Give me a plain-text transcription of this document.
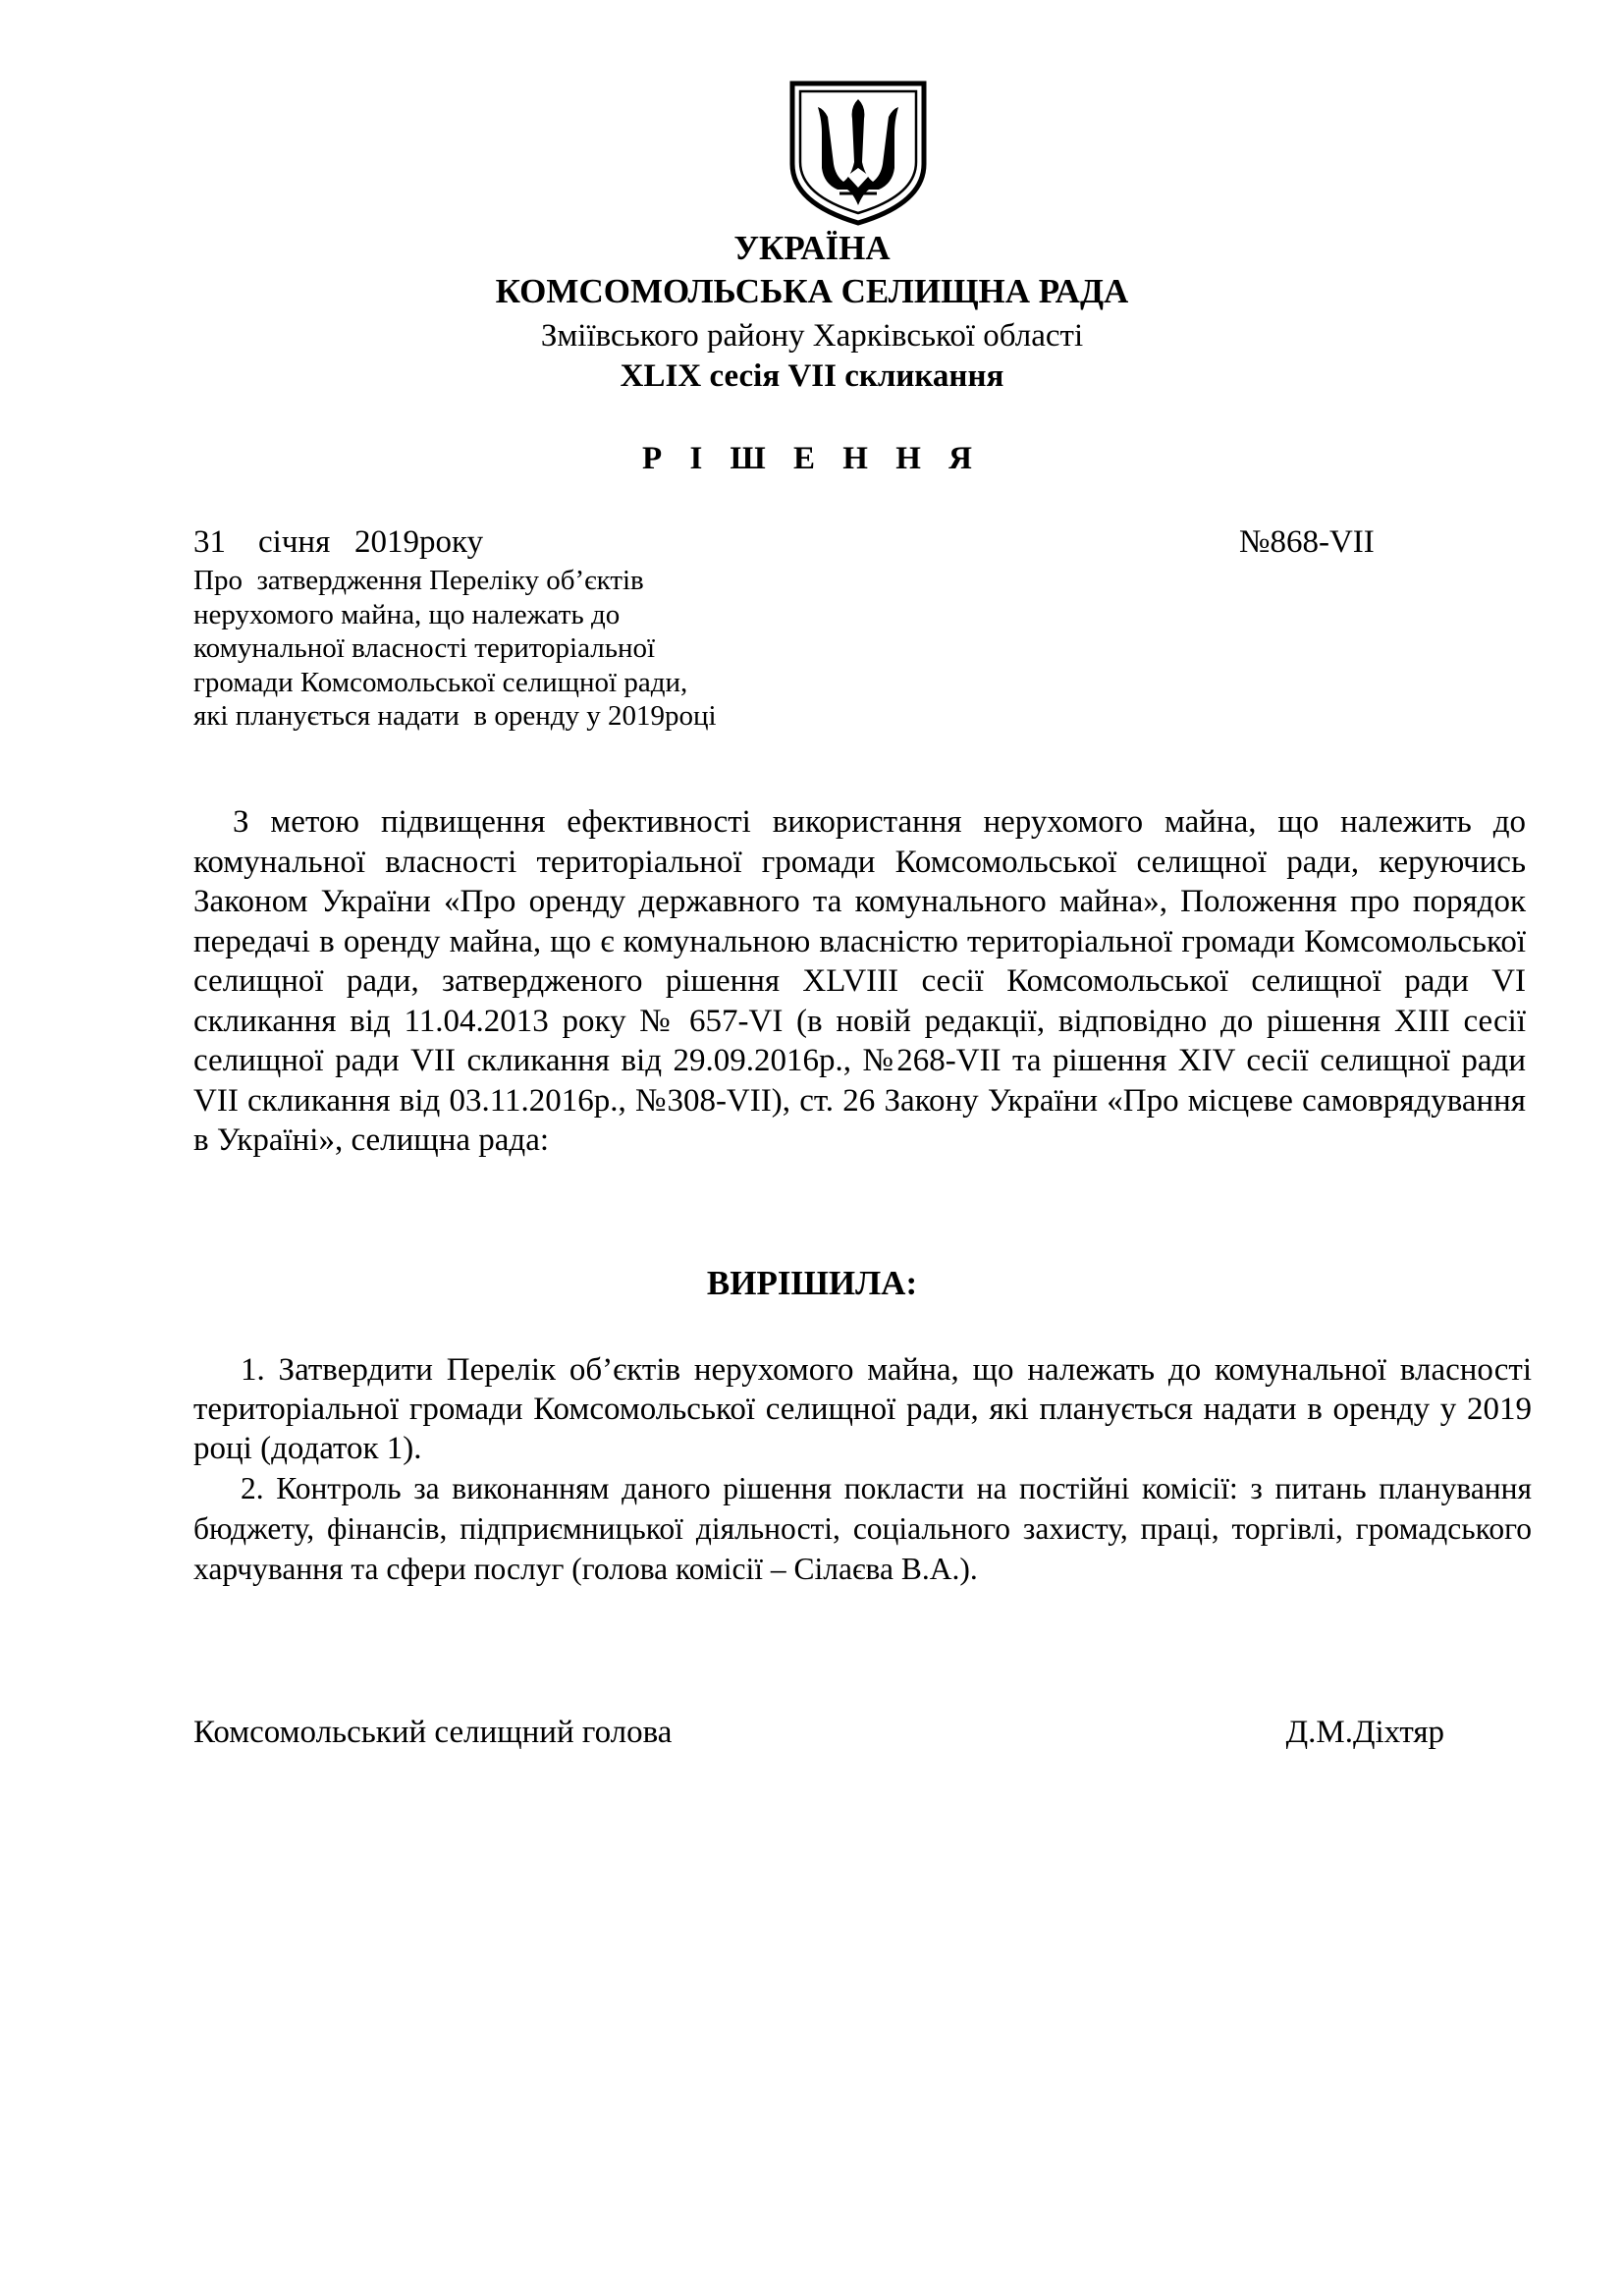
УКРАЇНА
КОМСОМОЛЬСЬКА СЕЛИЩНА РАДА
Зміївського району Харківської області
XLIX сесія VII скликання
Р І Ш Е Н Н Я
31    січня   2019року	№868-VII
Про  затвердження Переліку об’єктів
нерухомого майна, що належать до
комунальної власності територіальної
громади Комсомольської селищної ради,
які планується надати  в оренду у 2019році
З метою підвищення ефективності використання нерухомого майна, що належить до комунальної власності територіальної громади Комсомольської селищної ради, керуючись Законом України «Про оренду державного та комунального майна», Положення про порядок передачі в оренду майна, що є комунальною власністю територіальної громади Комсомольської селищної ради, затвердженого рішення XLVIII сесії Комсомольської селищної ради VI скликання від 11.04.2013 року № 657-VI (в новій редакції, відповідно до рішення XIII сесії селищної ради VII скликання від 29.09.2016р., №268-VII та рішення XIV сесії селищної ради VII скликання від 03.11.2016р., №308-VII), ст. 26 Закону України «Про місцеве самоврядування в Україні», селищна рада:
ВИРІШИЛА:
1. Затвердити Перелік об’єктів нерухомого майна, що належать до комунальної власності територіальної громади Комсомольської селищної ради, які планується надати в оренду у 2019 році (додаток 1).
2. Контроль за виконанням даного рішення покласти на постійні комісії: з питань планування бюджету, фінансів, підприємницької діяльності, соціального захисту, праці, торгівлі, громадського харчування та сфери послуг (голова комісії – Сілаєва В.А.).
Комсомольський селищний голова	Д.М.Діхтяр
